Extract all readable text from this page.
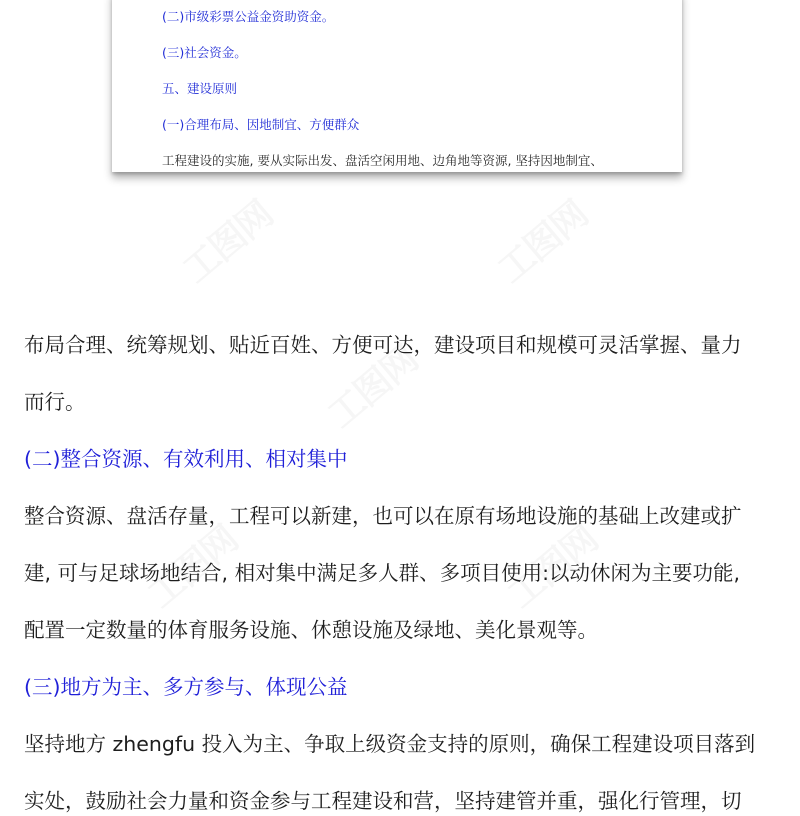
工图网	工图网
工图网
工图网	工图网
(二)市级彩票公益金资助资金。
(三)社会资金。
五、建设原则
(一)合理布局、因地制宜、方便群众
工程建设的实施, 要从实际出发、盘活空闲用地、边角地等资源, 坚持因地制宜、
布局合理、统筹规划、贴近百姓、方便可达，建设项目和规模可灵活掌握、量力
而行。
(二)整合资源、有效利用、相对集中
整合资源、盘活存量，工程可以新建，也可以在原有场地设施的基础上改建或扩
建, 可与足球场地结合, 相对集中满足多人群、多项目使用:以动休闲为主要功能,
配置一定数量的体育服务设施、休憩设施及绿地、美化景观等。
(三)地方为主、多方参与、体现公益
坚持地方 zhengfu 投入为主、争取上级资金支持的原则，确保工程建设项目落到
实处，鼓励社会力量和资金参与工程建设和营，坚持建管并重，强化行管理，切
